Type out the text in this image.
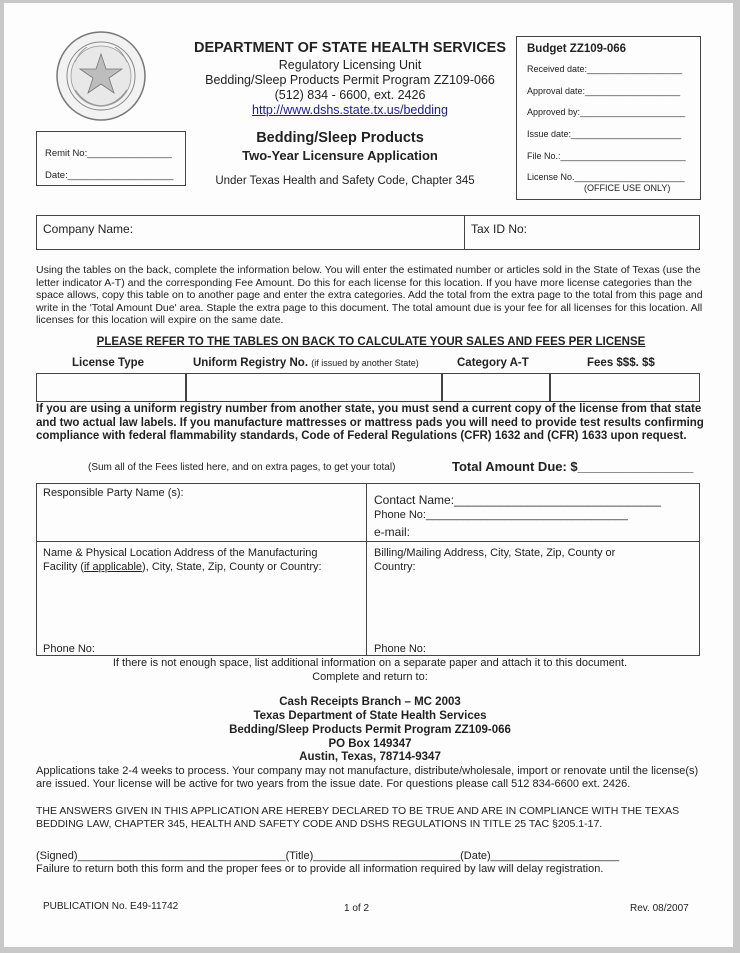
DEPARTMENT OF STATE HEALTH SERVICES
Regulatory Licensing Unit
Bedding/Sleep Products Permit Program ZZ109-066
(512) 834 - 6600, ext. 2426
http://www.dshs.state.tx.us/bedding
Budget ZZ109-066
Received date:___________________
Approval date:___________________
Approved by:_____________________
Issue date:______________________
File No.:_________________________
License No.______________________
(OFFICE USE ONLY)
Remit No:________________
Date:____________________
Bedding/Sleep Products
Two-Year Licensure Application
Under Texas Health and Safety Code, Chapter 345
Company Name:	Tax ID No:
Using the tables on the back, complete the information below. You will enter the estimated number or articles sold in the State of Texas (use the letter indicator A-T) and the corresponding Fee Amount. Do this for each license for this location. If you have more license categories than the space allows, copy this table on to another page and enter the extra categories. Add the total from the extra page to the total from this page and write in the 'Total Amount Due' area. Staple the extra page to this document. The total amount due is your fee for all licenses for this location. All licenses for this location will expire on the same date.
PLEASE REFER TO THE TABLES ON BACK TO CALCULATE YOUR SALES AND FEES PER LICENSE
License Type	Uniform Registry No. (if issued by another State)	Category A-T	Fees $$$. $$
If you are using a uniform registry number from another state, you must send a current copy of the license from that state and two actual law labels. If you manufacture mattresses or mattress pads you will need to provide test results confirming compliance with federal flammability standards, Code of Federal Regulations (CFR) 1632 and (CFR) 1633 upon request.
(Sum all of the Fees listed here, and on extra pages, to get your total)	Total Amount Due: $________________
Responsible Party Name (s):	Contact Name:_______________________________
Phone No:_________________________________
e-mail:
Name & Physical Location Address of the Manufacturing
Facility (if applicable), City, State, Zip, County or Country:
Billing/Mailing Address, City, State, Zip, County or
Country:
Phone No:	Phone No:
If there is not enough space, list additional information on a separate paper and attach it to this document.
Complete and return to:
Cash Receipts Branch – MC 2003
Texas Department of State Health Services
Bedding/Sleep Products Permit Program ZZ109-066
PO Box 149347
Austin, Texas, 78714-9347
Applications take 2-4 weeks to process. Your company may not manufacture, distribute/wholesale, import or renovate until the license(s) are issued. Your license will be active for two years from the issue date. For questions please call 512 834-6600 ext. 2426.
THE ANSWERS GIVEN IN THIS APPLICATION ARE HEREBY DECLARED TO BE TRUE AND ARE IN COMPLIANCE WITH THE TEXAS BEDDING LAW, CHAPTER 345, HEALTH AND SAFETY CODE AND DSHS REGULATIONS IN TITLE 25 TAC §205.1-17.
(Signed)__________________________________(Title)________________________(Date)_____________________
Failure to return both this form and the proper fees or to provide all information required by law will delay registration.
PUBLICATION No. E49-11742	1 of 2	Rev. 08/2007
